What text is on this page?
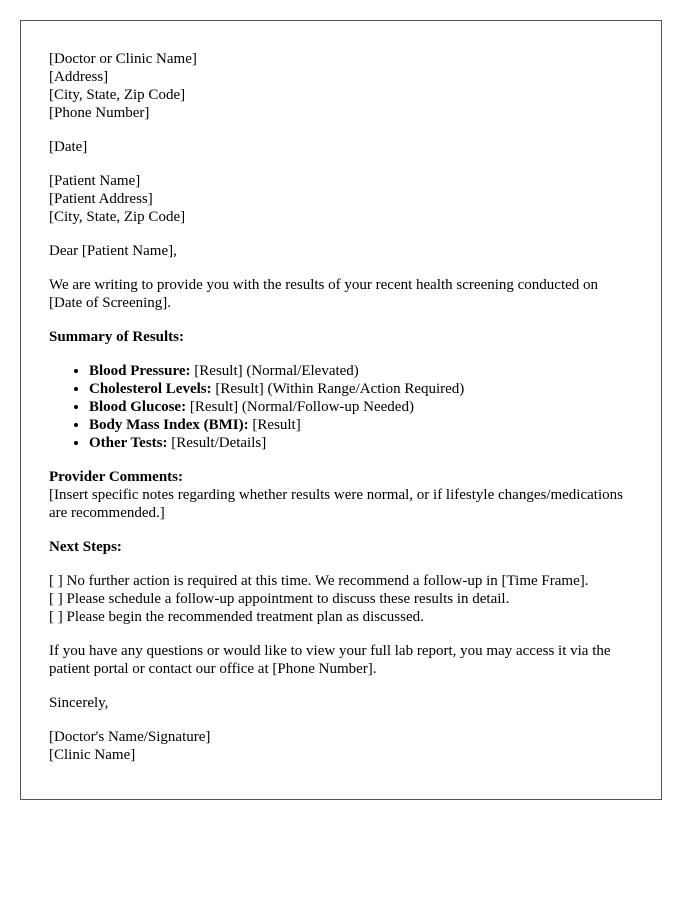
[Doctor or Clinic Name]
[Address]
[City, State, Zip Code]
[Phone Number]
[Date]
[Patient Name]
[Patient Address]
[City, State, Zip Code]
Dear [Patient Name],
We are writing to provide you with the results of your recent health screening conducted on [Date of Screening].
Summary of Results:
• Blood Pressure: [Result] (Normal/Elevated)
• Cholesterol Levels: [Result] (Within Range/Action Required)
• Blood Glucose: [Result] (Normal/Follow-up Needed)
• Body Mass Index (BMI): [Result]
• Other Tests: [Result/Details]
Provider Comments:
[Insert specific notes regarding whether results were normal, or if lifestyle changes/medications are recommended.]
Next Steps:
[ ] No further action is required at this time. We recommend a follow-up in [Time Frame].
[ ] Please schedule a follow-up appointment to discuss these results in detail.
[ ] Please begin the recommended treatment plan as discussed.
If you have any questions or would like to view your full lab report, you may access it via the patient portal or contact our office at [Phone Number].
Sincerely,
[Doctor's Name/Signature]
[Clinic Name]
